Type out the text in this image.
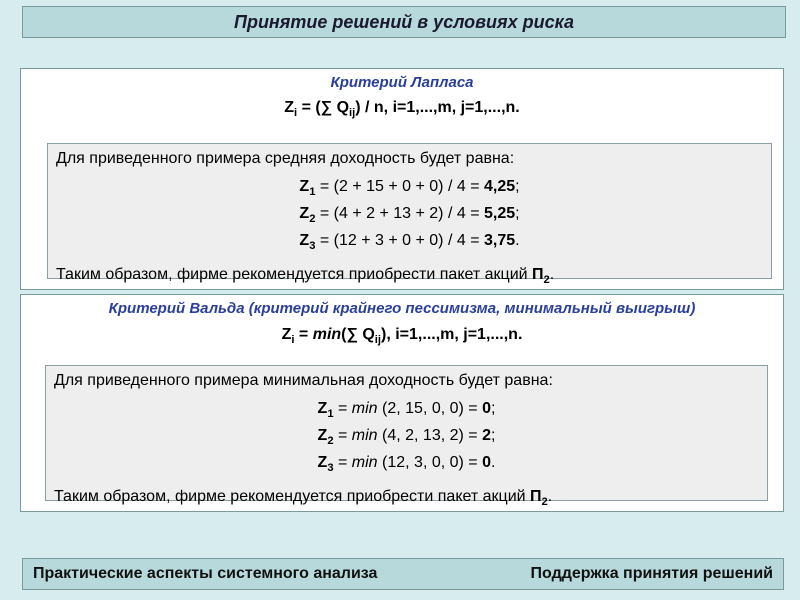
Принятие решений в условиях риска
Критерий Лапласа
$Z_i$ = (∑ $Q_{ij}$) / n, i=1,...,m, j=1,...,n.

Для приведенного примера средняя доходность будет равна:

$Z_1 = (2 + 15 + 0 + 0) / 4 = 4,25$;
$Z_2 = (4 + 2 + 13 + 2) / 4 = 5,25$;
$Z_3 = (12 + 3 + 0 + 0) / 4 = 3,75$.
Таким образом, фирме рекомендуется приобрести пакет акций $П_2$.
Критерий Вальда (критерий крайнего пессимизма, минимальный выигрыш)
$Z_i = \min(\sum$ $Q_{ij}$), i=1,...,m, j=1,...,n.

Для приведенного примера минимальная доходность будет равна:

$Z_1 = \min (2$, 15, 0, 0) = 0;
$Z_2 = \min (4$, 2, 13, 2) = 2;
$Z_3 = \min (12$, 3, 0, 0) = 0.
Таким образом, фирме рекомендуется приобрести пакет акций $П_2$.
Практические аспекты системного анализа	Поддержка принятия решений
